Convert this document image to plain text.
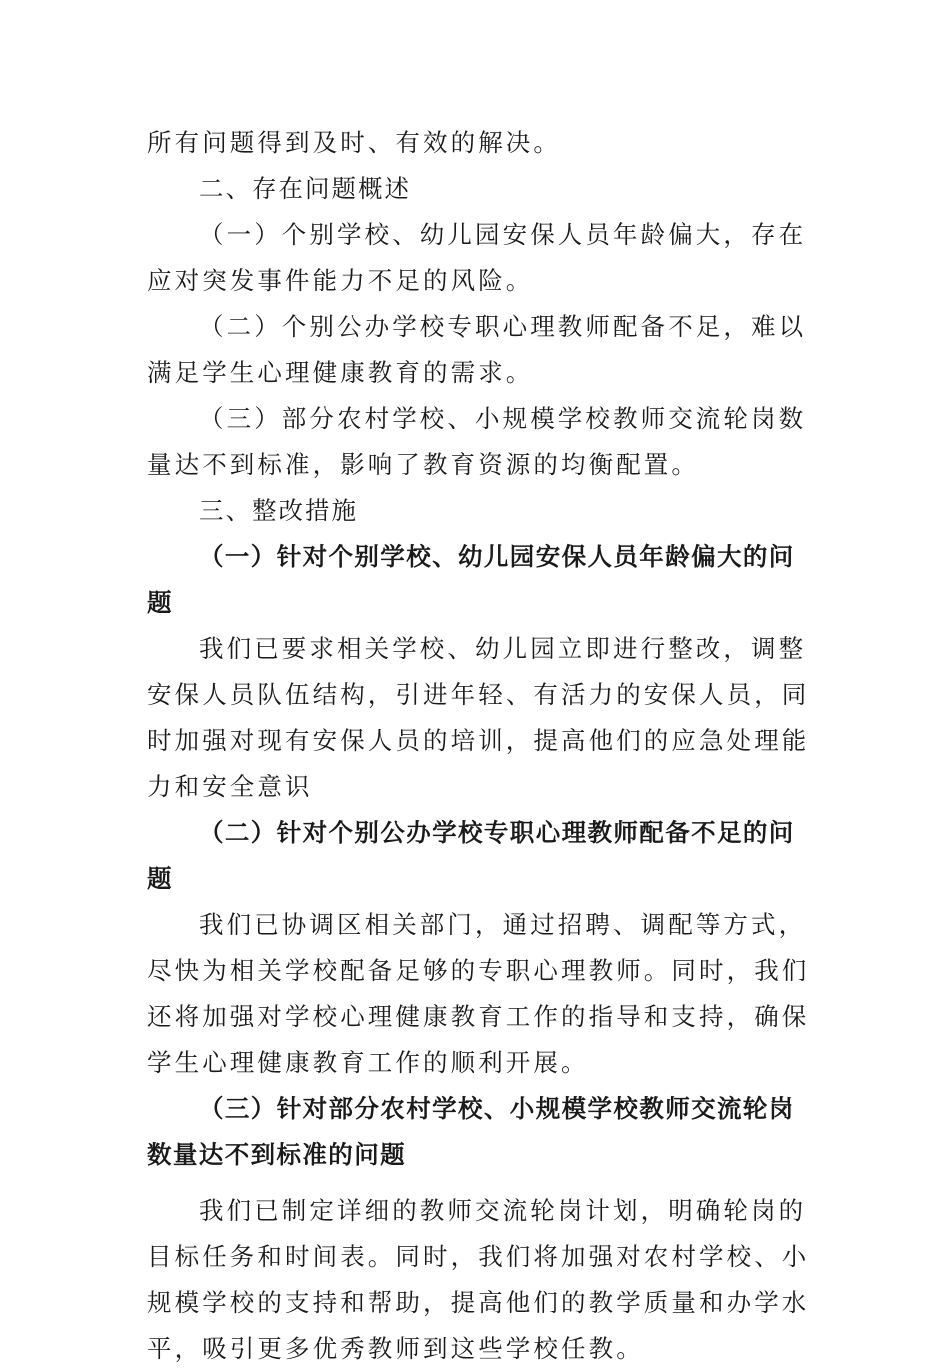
所有问题得到及时、有效的解决。

二、存在问题概述

（一）个别学校、幼儿园安保人员年龄偏大，存在应对突发事件能力不足的风险。

（二）个别公办学校专职心理教师配备不足，难以满足学生心理健康教育的需求。

（三）部分农村学校、小规模学校教师交流轮岗数量达不到标准，影响了教育资源的均衡配置。

三、整改措施

（一）针对个别学校、幼儿园安保人员年龄偏大的问题

我们已要求相关学校、幼儿园立即进行整改，调整安保人员队伍结构，引进年轻、有活力的安保人员，同时加强对现有安保人员的培训，提高他们的应急处理能力和安全意识

（二）针对个别公办学校专职心理教师配备不足的问题

我们已协调区相关部门，通过招聘、调配等方式，尽快为相关学校配备足够的专职心理教师。同时，我们还将加强对学校心理健康教育工作的指导和支持，确保学生心理健康教育工作的顺利开展。

（三）针对部分农村学校、小规模学校教师交流轮岗数量达不到标准的问题

我们已制定详细的教师交流轮岗计划，明确轮岗的目标任务和时间表。同时，我们将加强对农村学校、小规模学校的支持和帮助，提高他们的教学质量和办学水平，吸引更多优秀教师到这些学校任教。
